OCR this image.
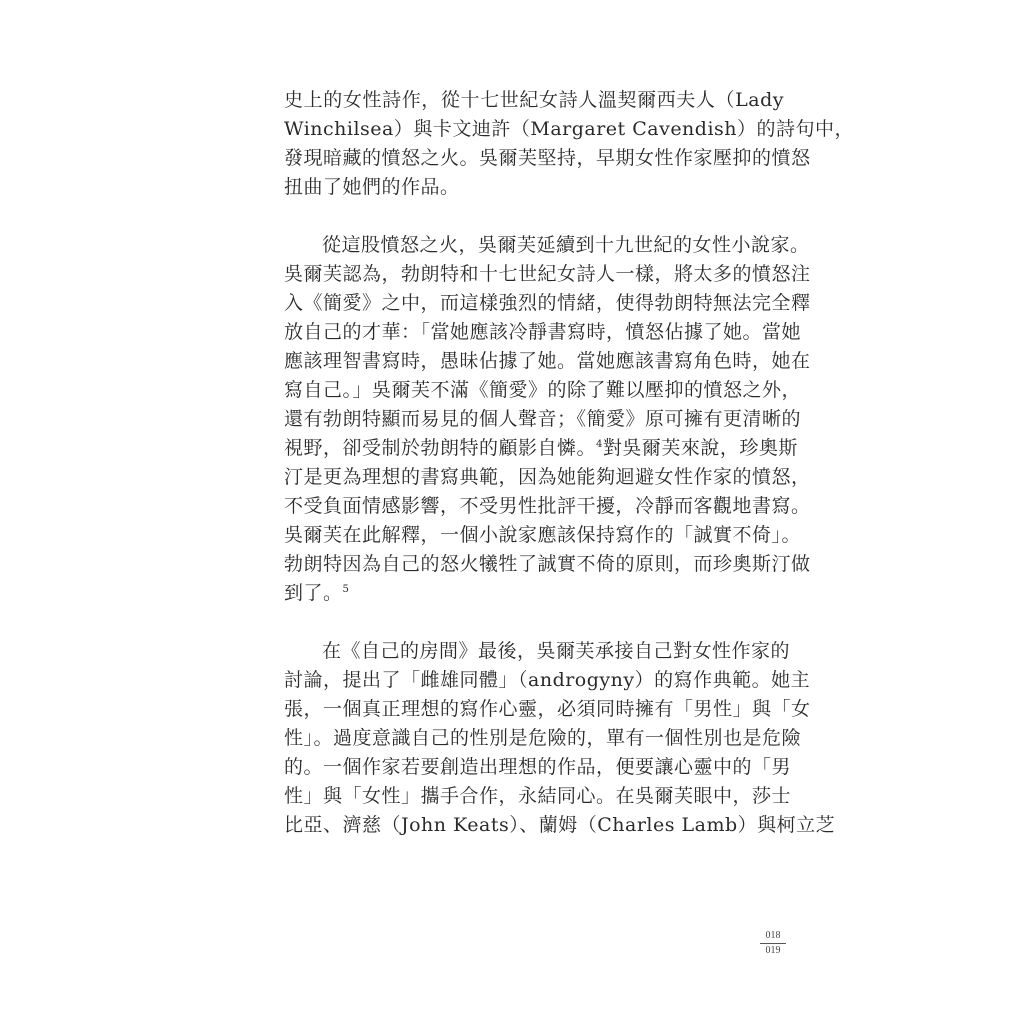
史上的女性詩作，從十七世紀女詩人溫契爾西夫人（Lady
Winchilsea）與卡文迪許（Margaret Cavendish）的詩句中，
發現暗藏的憤怒之火。吳爾芙堅持，早期女性作家壓抑的憤怒
扭曲了她們的作品。
從這股憤怒之火，吳爾芙延續到十九世紀的女性小說家。
吳爾芙認為，勃朗特和十七世紀女詩人一樣，將太多的憤怒注
入《簡愛》之中，而這樣強烈的情緒，使得勃朗特無法完全釋
放自己的才華：「當她應該冷靜書寫時，憤怒佔據了她。當她
應該理智書寫時，愚昧佔據了她。當她應該書寫角色時，她在
寫自己。」吳爾芙不滿《簡愛》的除了難以壓抑的憤怒之外，
還有勃朗特顯而易見的個人聲音；《簡愛》原可擁有更清晰的
視野，卻受制於勃朗特的顧影自憐。$^4$對吳爾芙來說，珍奧斯
汀是更為理想的書寫典範，因為她能夠迴避女性作家的憤怒，
不受負面情感影響，不受男性批評干擾，冷靜而客觀地書寫。
吳爾芙在此解釋，一個小說家應該保持寫作的「誠實不倚」。
勃朗特因為自己的怒火犧牲了誠實不倚的原則，而珍奧斯汀做
到了。$^5$
在《自己的房間》最後，吳爾芙承接自己對女性作家的
討論，提出了「雌雄同體」（androgyny）的寫作典範。她主
張，一個真正理想的寫作心靈，必須同時擁有「男性」與「女
性」。過度意識自己的性別是危險的，單有一個性別也是危險
的。一個作家若要創造出理想的作品，便要讓心靈中的「男
性」與「女性」攜手合作，永結同心。在吳爾芙眼中，莎士
比亞、濟慈（John Keats）、蘭姆（Charles Lamb）與柯立芝
018
019
